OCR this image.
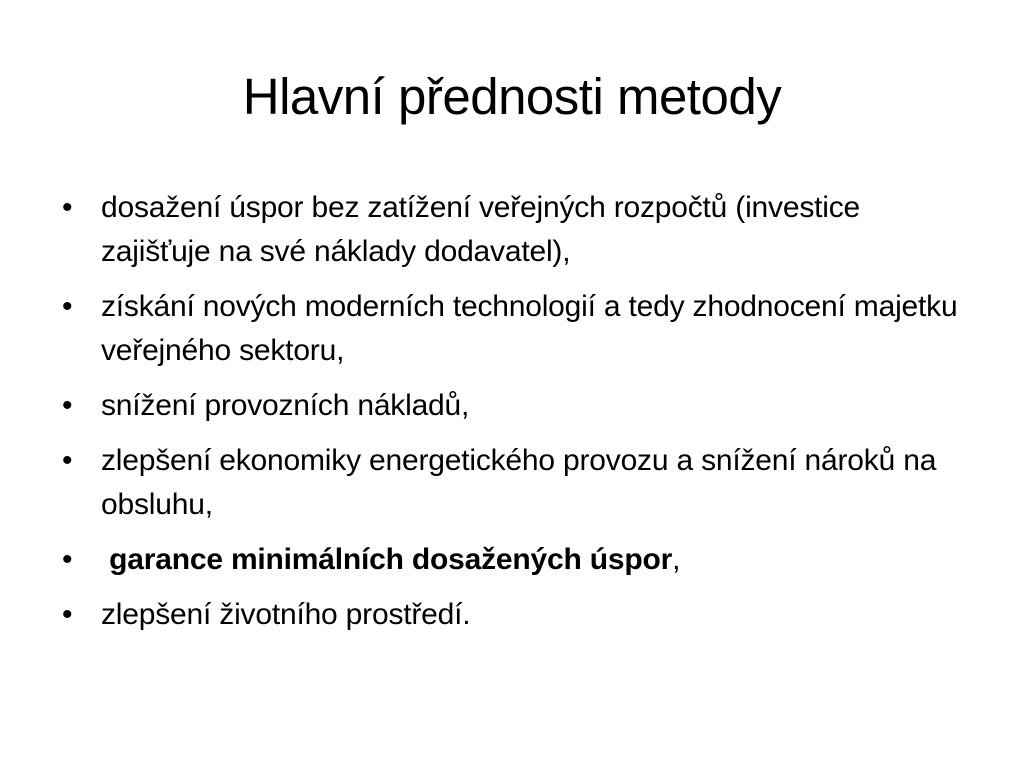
Hlavní přednosti metody
• dosažení úspor bez zatížení veřejných rozpočtů (investice zajišťuje na své náklady dodavatel),
• získání nových moderních technologií a tedy zhodnocení majetku veřejného sektoru,
• snížení provozních nákladů,
• zlepšení ekonomiky energetického provozu a snížení nároků na obsluhu,
• garance minimálních dosažených úspor,
• zlepšení životního prostředí.
